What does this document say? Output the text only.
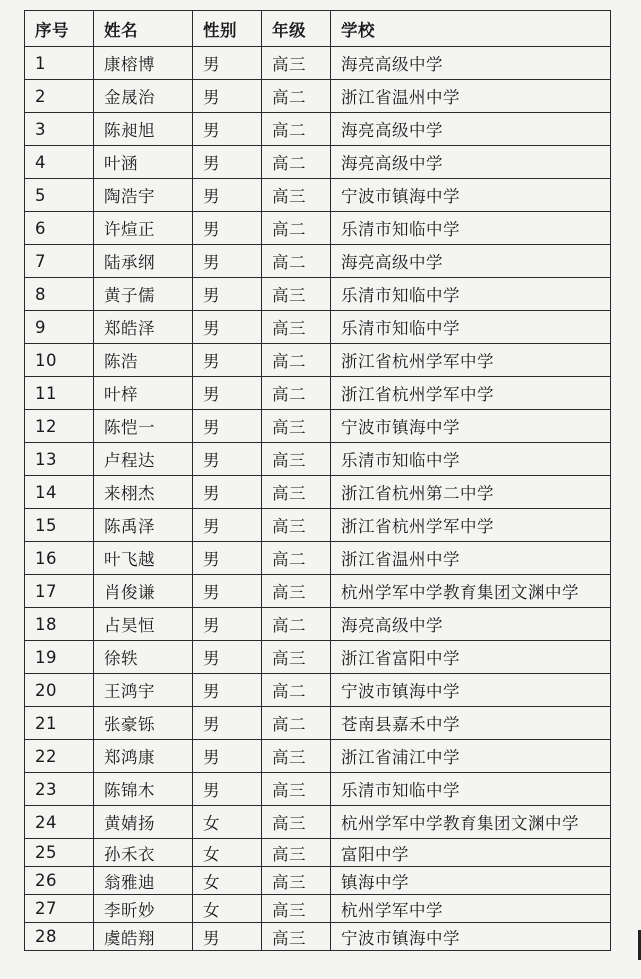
序号	姓名	性别	年级	学校
1	康榕博	男	高三	海亮高级中学
2	金晟治	男	高二	浙江省温州中学
3	陈昶旭	男	高二	海亮高级中学
4	叶涵	男	高二	海亮高级中学
5	陶浩宇	男	高三	宁波市镇海中学
6	许煊正	男	高二	乐清市知临中学
7	陆承纲	男	高二	海亮高级中学
8	黄子儒	男	高三	乐清市知临中学
9	郑皓泽	男	高三	乐清市知临中学
10	陈浩	男	高二	浙江省杭州学军中学
11	叶梓	男	高二	浙江省杭州学军中学
12	陈恺一	男	高三	宁波市镇海中学
13	卢程达	男	高三	乐清市知临中学
14	来栩杰	男	高三	浙江省杭州第二中学
15	陈禹泽	男	高三	浙江省杭州学军中学
16	叶飞越	男	高二	浙江省温州中学
17	肖俊谦	男	高三	杭州学军中学教育集团文渊中学
18	占昊恒	男	高二	海亮高级中学
19	徐轶	男	高三	浙江省富阳中学
20	王鸿宇	男	高二	宁波市镇海中学
21	张豪铄	男	高二	苍南县嘉禾中学
22	郑鸿康	男	高三	浙江省浦江中学
23	陈锦木	男	高三	乐清市知临中学
24	黄婧扬	女	高三	杭州学军中学教育集团文渊中学
25	孙禾衣	女	高三	富阳中学
26	翁雅迪	女	高三	镇海中学
27	李昕妙	女	高三	杭州学军中学
28	虞皓翔	男	高三	宁波市镇海中学
